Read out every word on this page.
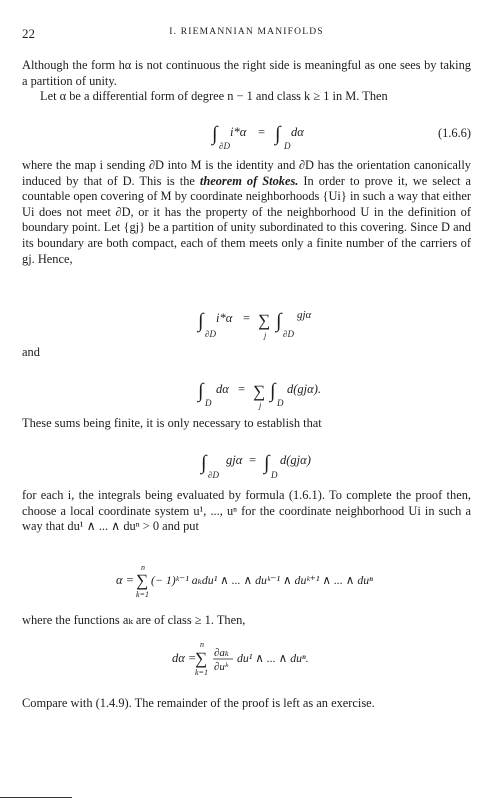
22	I. RIEMANNIAN MANIFOLDS

Although the form hα is not continuous the right side is meaningful as one sees by taking a partition of unity.

Let α be a differential form of degree n − 1 and class k ≥ 1 in M. Then

∫
∂D
i*α = ∫
D
dα	(1.6.6)

where the map i sending ∂D into M is the identity and ∂D has the orientation canonically induced by that of D. This is the theorem of Stokes. In order to prove it, we select a countable open covering of M by coordinate neighborhoods {Ui} in such a way that either Ui does not meet ∂D, or it has the property of the neighborhood U in the definition of boundary point. Let {gj} be a partition of unity subordinated to this covering. Since D and its boundary are both compact, each of them meets only a finite number of the carriers of gj. Hence,

∫
∂D
i*α = ∑
j
∫
∂D
gjα

and

∫
D
dα = ∑
j
∫
D
d(gjα).

These sums being finite, it is only necessary to establish that

∫
∂D
gjα = ∫
D
d(gjα)

for each i, the integrals being evaluated by formula (1.6.1). To complete the proof then, choose a local coordinate system u¹, ..., uⁿ for the coordinate neighborhood Ui in such a way that du¹ ∧ ... ∧ duⁿ > 0 and put

α =
n
∑
k=1
(− 1)ᵏ⁻¹ aₖdu¹ ∧ ... ∧ duᵏ⁻¹ ∧ duᵏ⁺¹ ∧ ... ∧ duⁿ

where the functions aₖ are of class ≥ 1. Then,

dα =
n
∑
k=1
∂aₖ
∂uᵏ
du¹ ∧ ... ∧ duⁿ.

Compare with (1.4.9). The remainder of the proof is left as an exercise.
